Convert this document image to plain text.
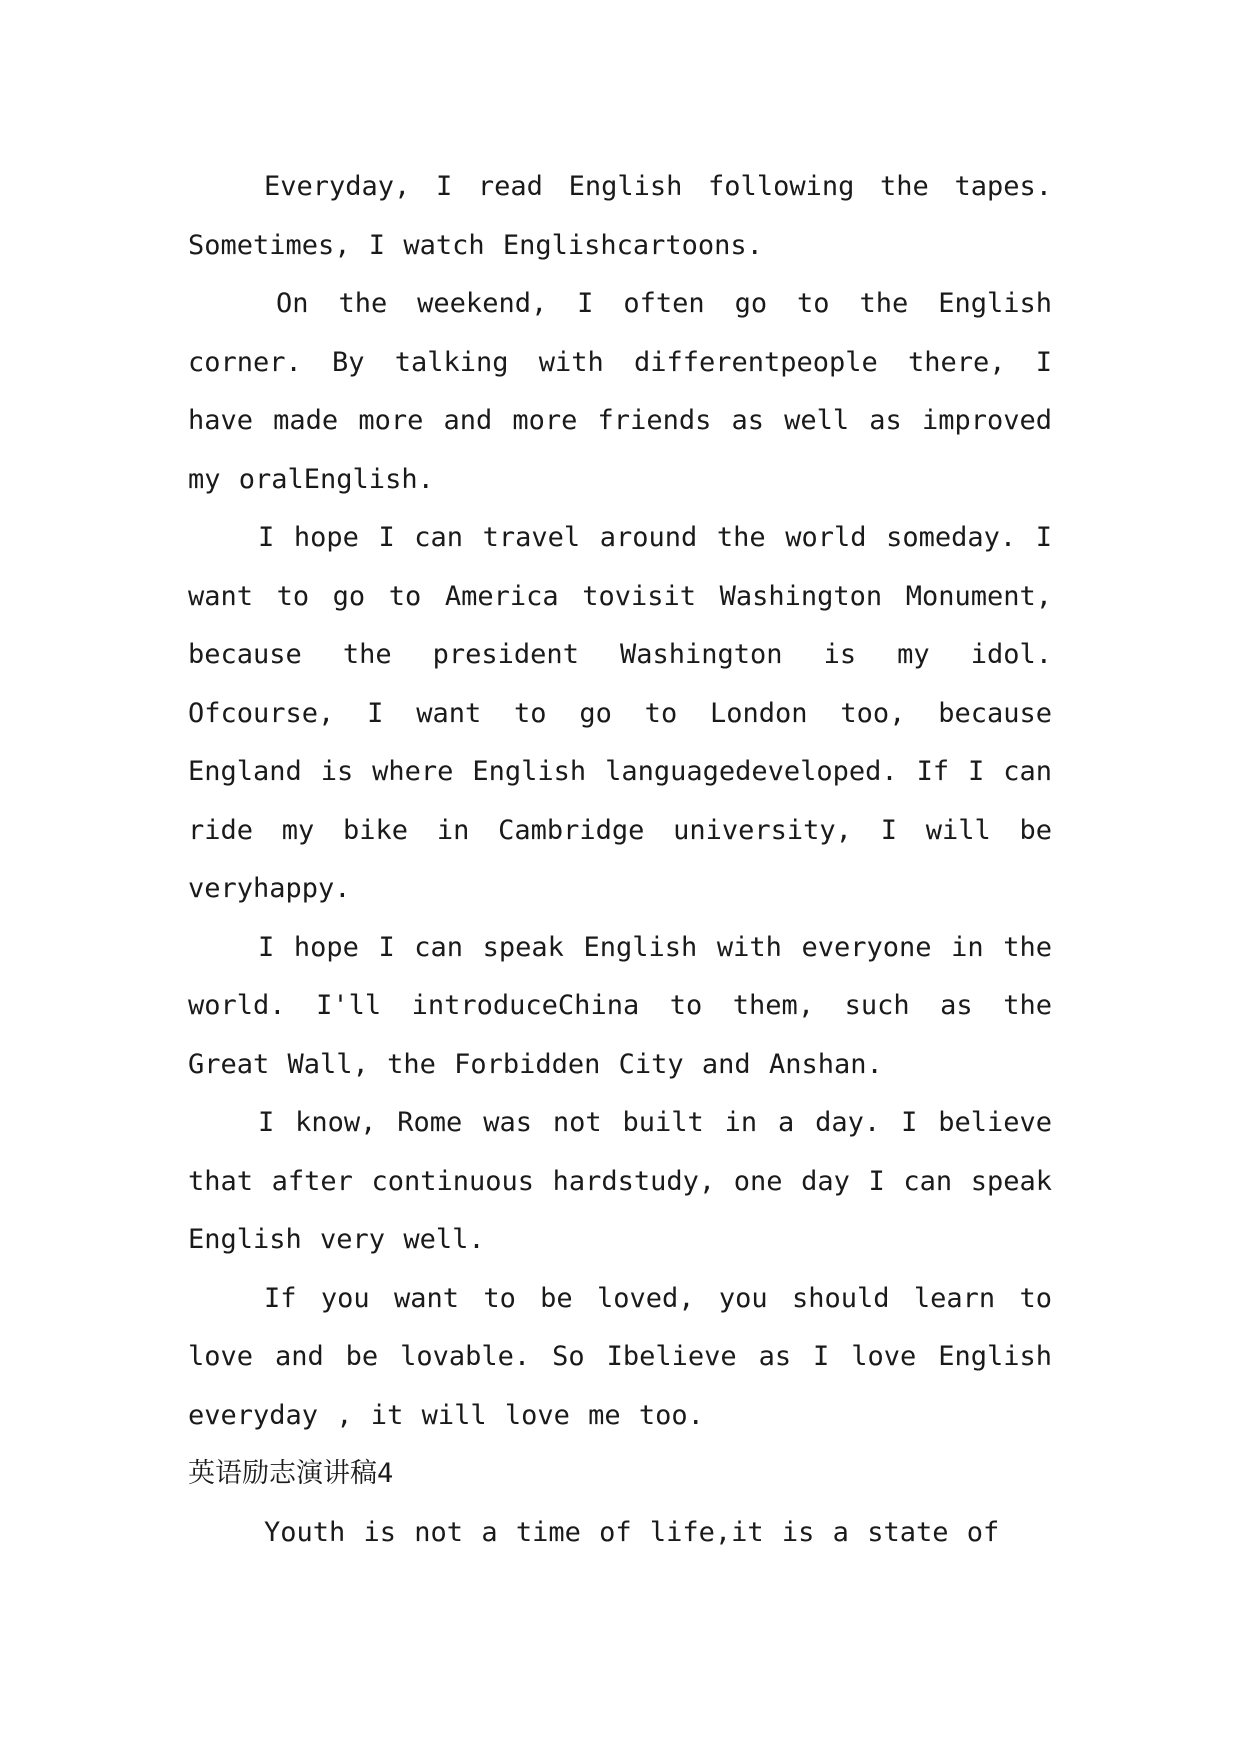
Everyday, I read English following the tapes. Sometimes, I watch Englishcartoons.

On the weekend, I often go to the English corner. By talking with differentpeople there, I have made more and more friends as well as improved my oralEnglish.

I hope I can travel around the world someday. I want to go to America tovisit Washington Monument, because the president Washington is my idol. Ofcourse, I want to go to London too, because England is where English languagedeveloped. If I can ride my bike in Cambridge university, I will be veryhappy.

I hope I can speak English with everyone in the world. I'll introduceChina to them, such as the Great Wall, the Forbidden City and Anshan.

I know, Rome was not built in a day. I believe that after continuous hardstudy, one day I can speak English very well.

If you want to be loved, you should learn to love and be lovable. So Ibelieve as I love English everyday , it will love me too.

英语励志演讲稿4

Youth is not a time of life,it is a state of
